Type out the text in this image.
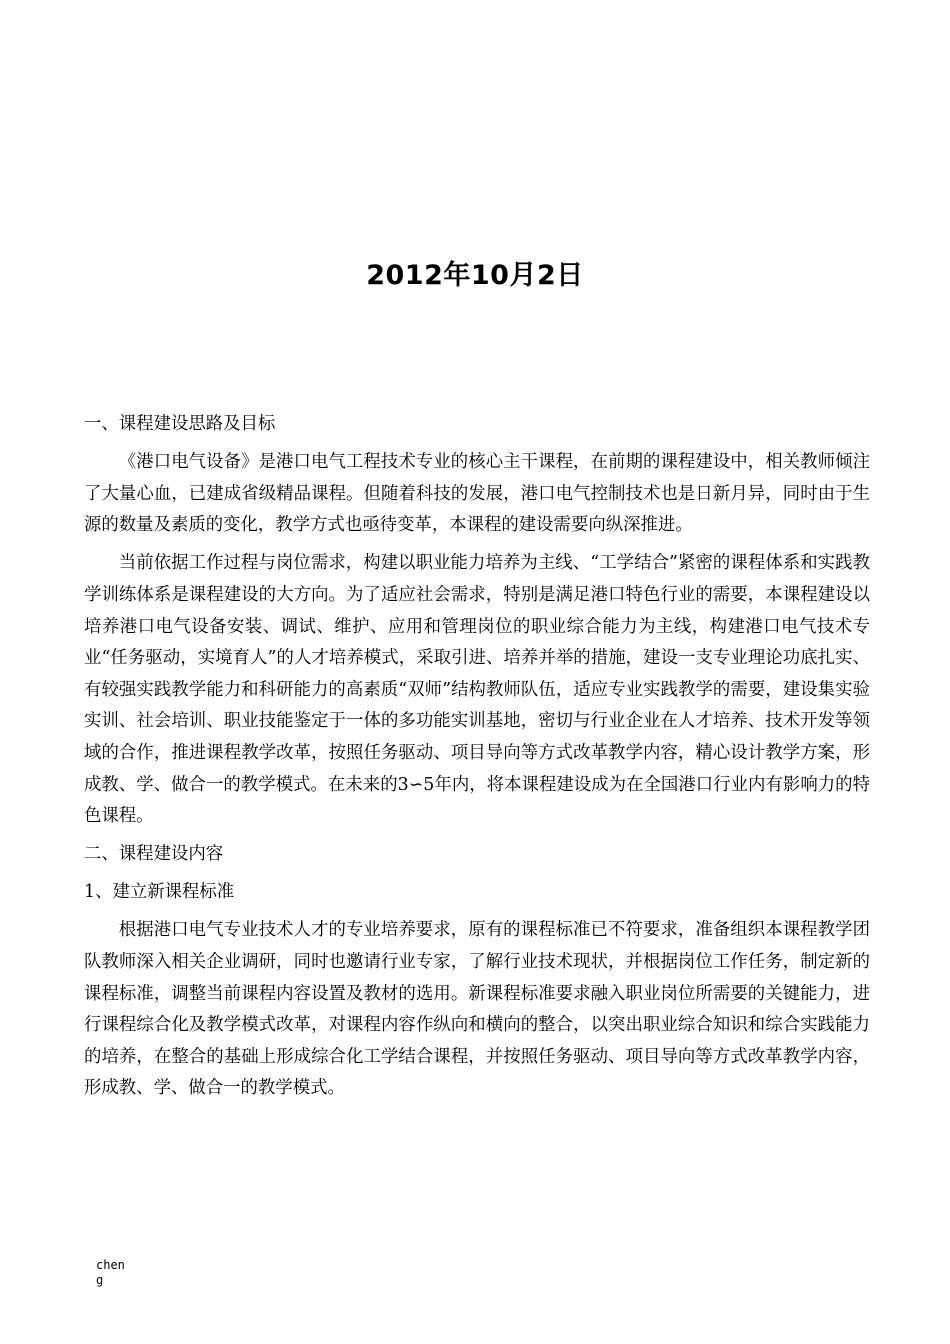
2012年10月2日

一、课程建设思路及目标

《港口电气设备》是港口电气工程技术专业的核心主干课程，在前期的课程建设中，相关教师倾注了大量心血，已建成省级精品课程。但随着科技的发展，港口电气控制技术也是日新月异，同时由于生源的数量及素质的变化，教学方式也亟待变革，本课程的建设需要向纵深推进。

当前依据工作过程与岗位需求，构建以职业能力培养为主线、“工学结合”紧密的课程体系和实践教学训练体系是课程建设的大方向。为了适应社会需求，特别是满足港口特色行业的需要，本课程建设以培养港口电气设备安装、调试、维护、应用和管理岗位的职业综合能力为主线，构建港口电气技术专业“任务驱动，实境育人”的人才培养模式，采取引进、培养并举的措施，建设一支专业理论功底扎实、有较强实践教学能力和科研能力的高素质“双师”结构教师队伍，适应专业实践教学的需要，建设集实验实训、社会培训、职业技能鉴定于一体的多功能实训基地，密切与行业企业在人才培养、技术开发等领域的合作，推进课程教学改革，按照任务驱动、项目导向等方式改革教学内容，精心设计教学方案，形成教、学、做合一的教学模式。在未来的3∽5年内，将本课程建设成为在全国港口行业内有影响力的特色课程。

二、课程建设内容

1、建立新课程标准

根据港口电气专业技术人才的专业培养要求，原有的课程标准已不符要求，准备组织本课程教学团队教师深入相关企业调研，同时也邀请行业专家，了解行业技术现状，并根据岗位工作任务，制定新的课程标准，调整当前课程内容设置及教材的选用。新课程标准要求融入职业岗位所需要的关键能力，进行课程综合化及教学模式改革，对课程内容作纵向和横向的整合，以突出职业综合知识和综合实践能力的培养，在整合的基础上形成综合化工学结合课程，并按照任务驱动、项目导向等方式改革教学内容，形成教、学、做合一的教学模式。

cheng
